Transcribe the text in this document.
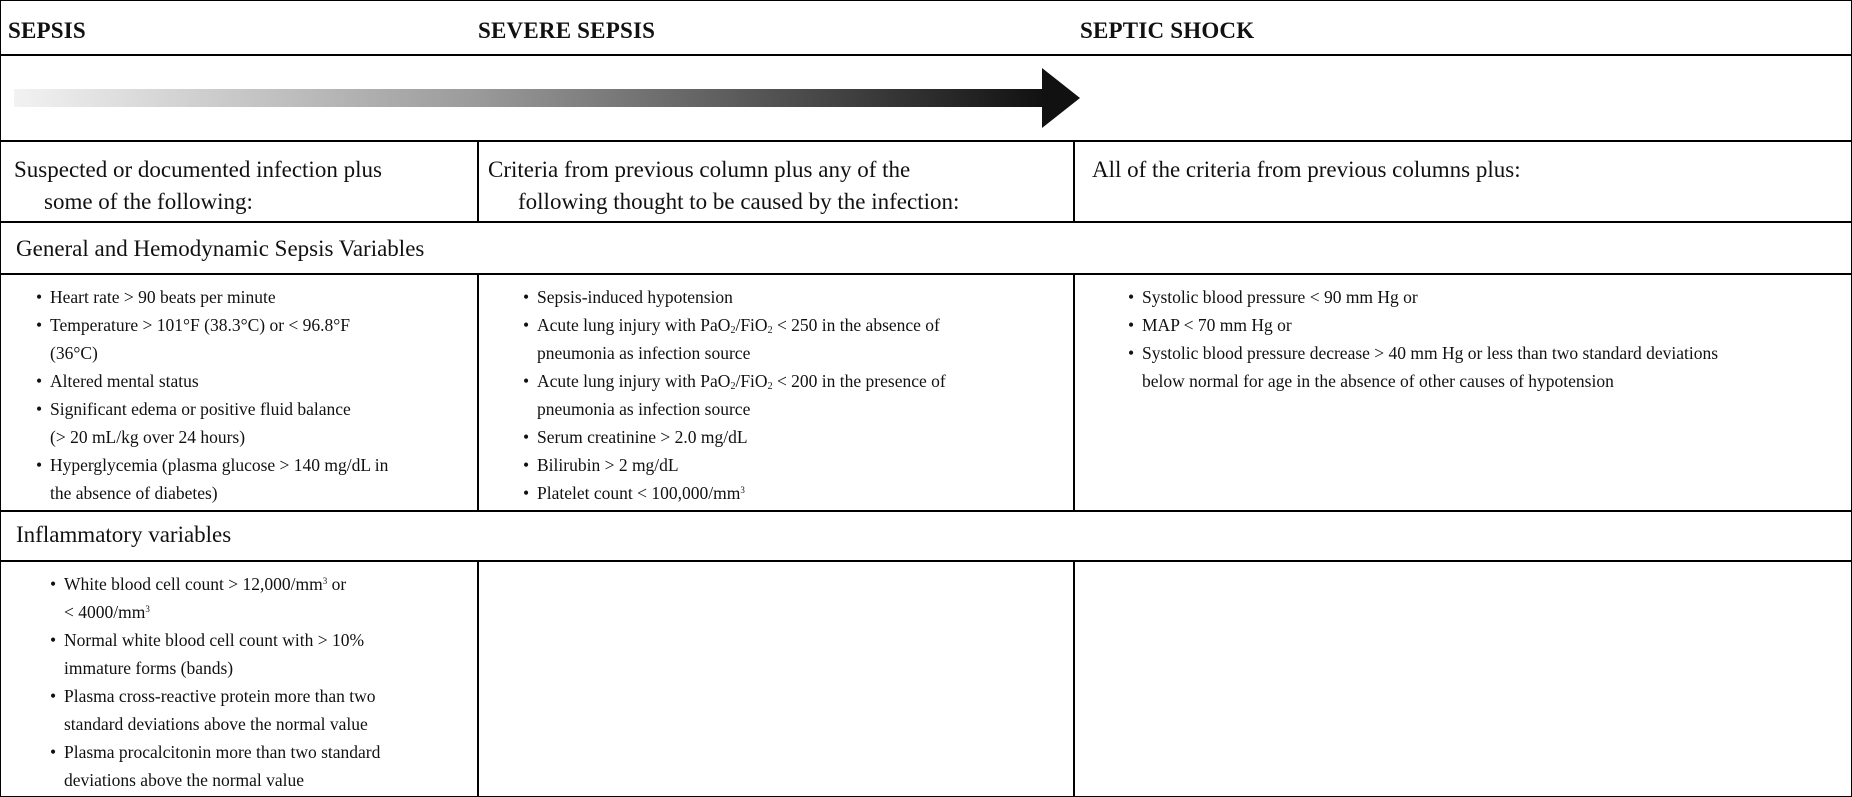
SEPSIS	SEVERE SEPSIS	SEPTIC SHOCK
Suspected or documented infection plus
some of the following:
Criteria from previous column plus any of the
following thought to be caused by the infection:
All of the criteria from previous columns plus:
General and Hemodynamic Sepsis Variables
Inflammatory variables
• Heart rate > 90 beats per minute
• Temperature > 101°F (38.3°C) or < 96.8°F
(36°C)
• Altered mental status
• Significant edema or positive fluid balance
(> 20 mL/kg over 24 hours)
• Hyperglycemia (plasma glucose > 140 mg/dL in
the absence of diabetes)
• Sepsis-induced hypotension
• Acute lung injury with PaO$_2$/FiO$_2$ < 250 in the absence of
pneumonia as infection source
• Acute lung injury with PaO$_2$/FiO$_2$ < 200 in the presence of
pneumonia as infection source
• Serum creatinine > 2.0 mg/dL
• Bilirubin > 2 mg/dL
• Platelet count < $100,000/mm^3$
• Systolic blood pressure < 90 mm Hg or
• MAP < 70 mm Hg or
• Systolic blood pressure decrease > 40 mm Hg or less than two standard deviations
below normal for age in the absence of other causes of hypotension
• White blood cell count > $12,000/mm^3$ or
< $4000/mm^3$
• Normal white blood cell count with > 10%
immature forms (bands)
• Plasma cross-reactive protein more than two
standard deviations above the normal value
• Plasma procalcitonin more than two standard
deviations above the normal value
